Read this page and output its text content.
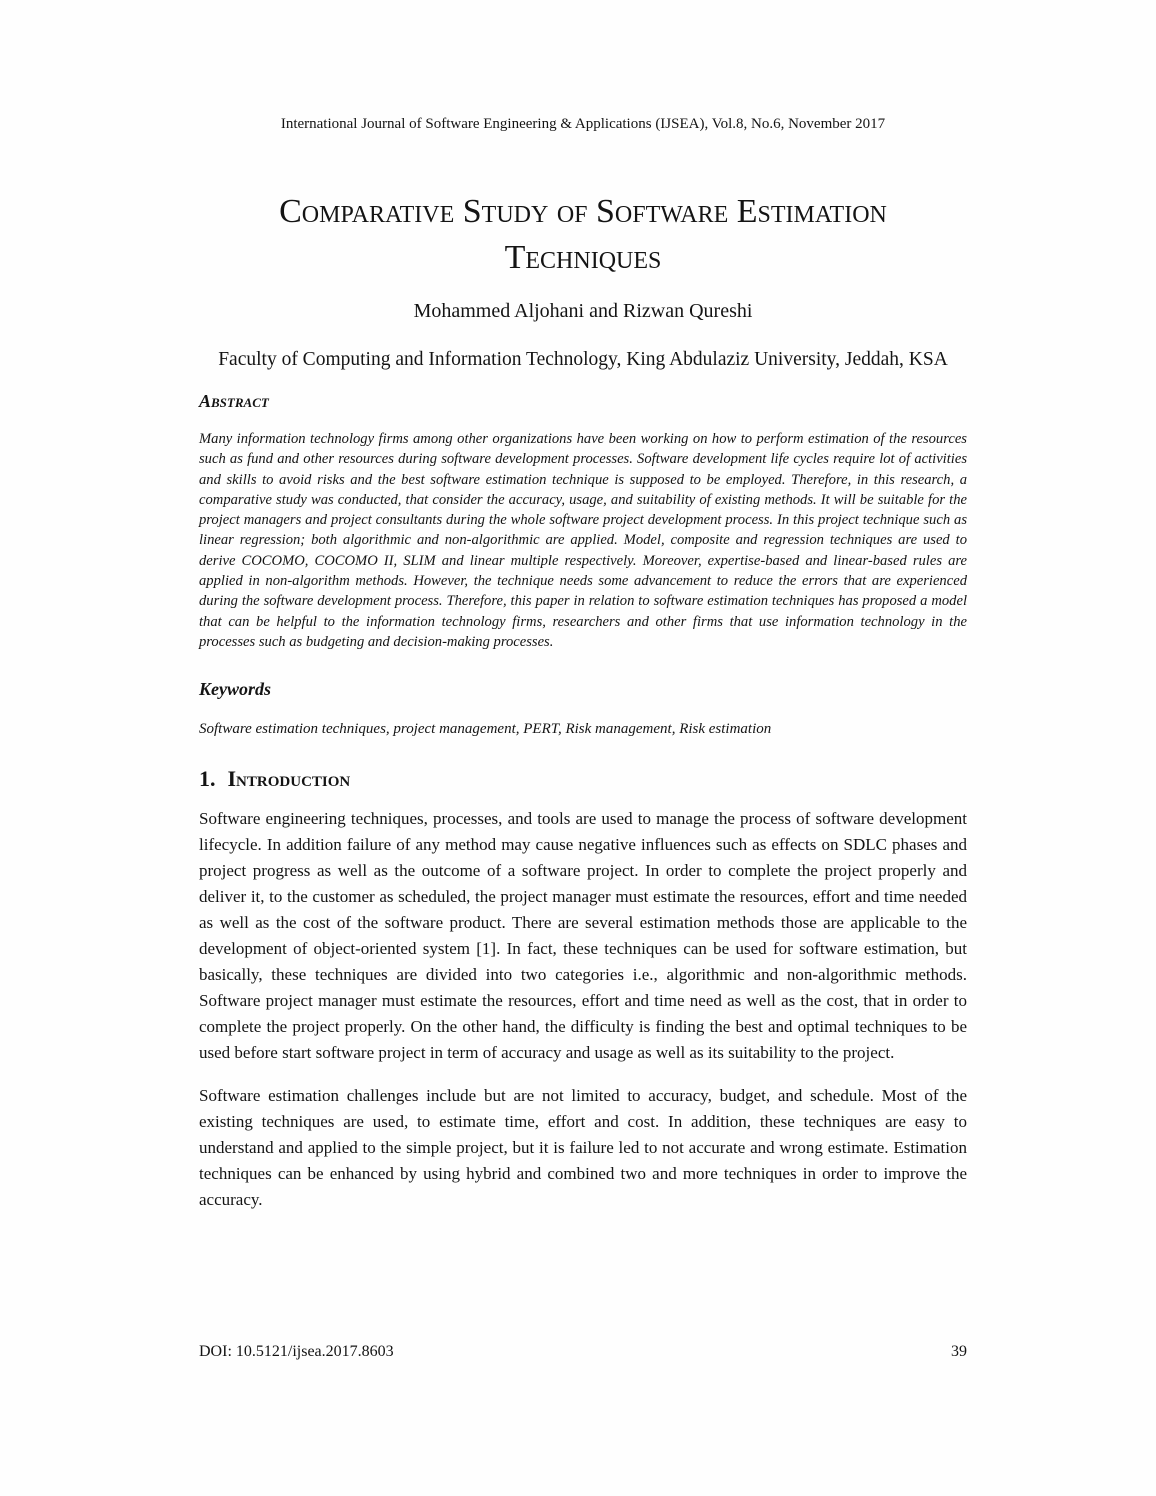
International Journal of Software Engineering & Applications (IJSEA), Vol.8, No.6, November 2017
Comparative Study of Software Estimation Techniques
Mohammed Aljohani and Rizwan Qureshi
Faculty of Computing and Information Technology, King Abdulaziz University, Jeddah, KSA
Abstract

Many information technology firms among other organizations have been working on how to perform estimation of the resources such as fund and other resources during software development processes. Software development life cycles require lot of activities and skills to avoid risks and the best software estimation technique is supposed to be employed. Therefore, in this research, a comparative study was conducted, that consider the accuracy, usage, and suitability of existing methods. It will be suitable for the project managers and project consultants during the whole software project development process. In this project technique such as linear regression; both algorithmic and non-algorithmic are applied. Model, composite and regression techniques are used to derive COCOMO, COCOMO II, SLIM and linear multiple respectively. Moreover, expertise-based and linear-based rules are applied in non-algorithm methods. However, the technique needs some advancement to reduce the errors that are experienced during the software development process. Therefore, this paper in relation to software estimation techniques has proposed a model that can be helpful to the information technology firms, researchers and other firms that use information technology in the processes such as budgeting and decision-making processes.

Keywords

Software estimation techniques, project management, PERT, Risk management, Risk estimation

1. Introduction

Software engineering techniques, processes, and tools are used to manage the process of software development lifecycle. In addition failure of any method may cause negative influences such as effects on SDLC phases and project progress as well as the outcome of a software project. In order to complete the project properly and deliver it, to the customer as scheduled, the project manager must estimate the resources, effort and time needed as well as the cost of the software product. There are several estimation methods those are applicable to the development of object-oriented system [1]. In fact, these techniques can be used for software estimation, but basically, these techniques are divided into two categories i.e., algorithmic and non-algorithmic methods. Software project manager must estimate the resources, effort and time need as well as the cost, that in order to complete the project properly. On the other hand, the difficulty is finding the best and optimal techniques to be used before start software project in term of accuracy and usage as well as its suitability to the project.

Software estimation challenges include but are not limited to accuracy, budget, and schedule. Most of the existing techniques are used, to estimate time, effort and cost. In addition, these techniques are easy to understand and applied to the simple project, but it is failure led to not accurate and wrong estimate. Estimation techniques can be enhanced by using hybrid and combined two and more techniques in order to improve the accuracy.

DOI: 10.5121/ijsea.2017.8603	39
